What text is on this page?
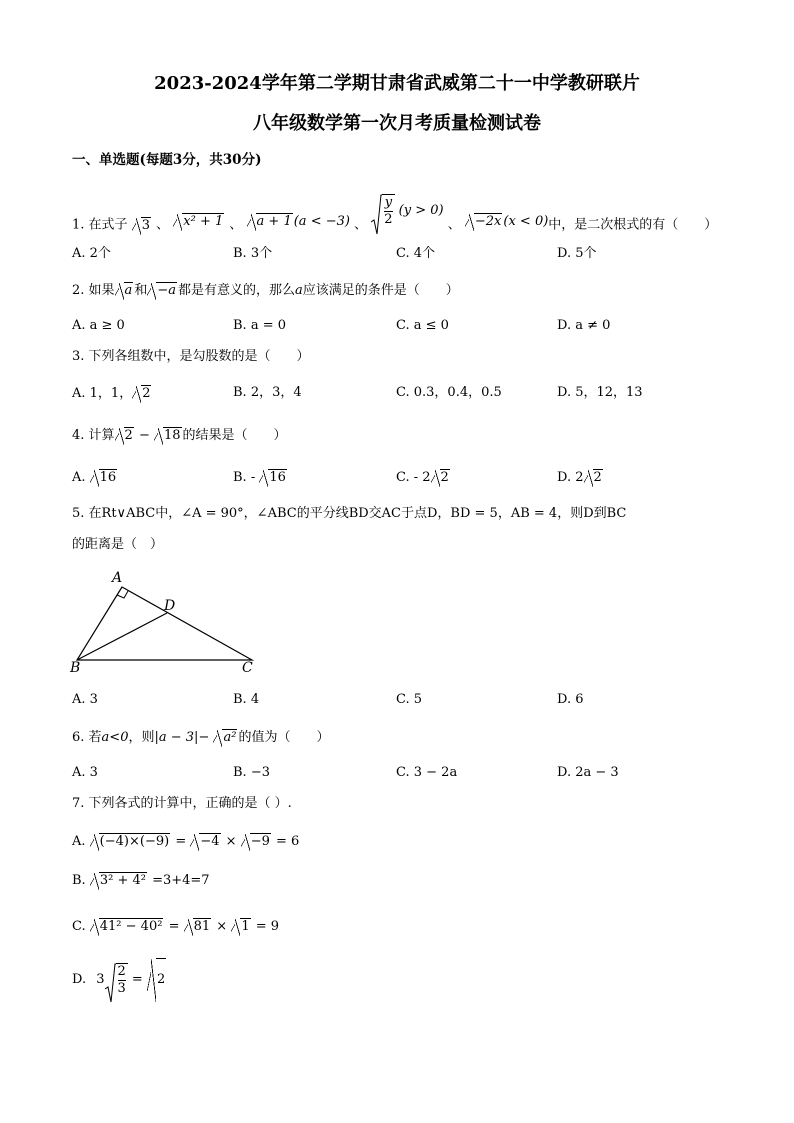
2023-2024学年第二学期甘肃省武威第二十一中学教研联片
八年级数学第一次月考质量检测试卷
一、单选题(每题3分，共30分)
1. 在式子 3 、 x² + 1 、 a + 1 (a < −3) 、 $\frac{y}{2} (y > 0)$ 、 −2x (x < 0)中，是二次根式的有（　　）
A. 2个	B. 3个	C. 4个	D. 5个
2. 如果 a 和 −a 都是有意义的，那么a应该满足的条件是（　　）
A. a ≥ 0	B. a = 0	C. a ≤ 0	D. a ≠ 0
3. 下列各组数中，是勾股数的是（　　）
A. 1，1， 2	B. 2，3，4	C. 0.3，0.4，0.5	D. 5，12，13
4. 计算 2 − 18 的结果是（　　）
A. 16	B. - 16	C. - 2 2	D. 2 2
5. 在Rt∨ABC中，∠A = 90°，∠ABC的平分线BD交AC于点D，BD = 5，AB = 4，则D到BC
的距离是（　）
A
D
B	C
A. 3	B. 4	C. 5	D. 6
6. 若a<0，则|a − 3|− a² 的值为（　　）
A. 3	B. −3	C. 3 − 2a	D. 2a − 3
7. 下列各式的计算中，正确的是（ ）.
A. (−4)×(−9) = −4 × −9 = 6
B. 3² + 4² =3+4=7
C. 41² − 40² = 81 × 1 = 9
D. $3 \frac{2}{3} = 2$
